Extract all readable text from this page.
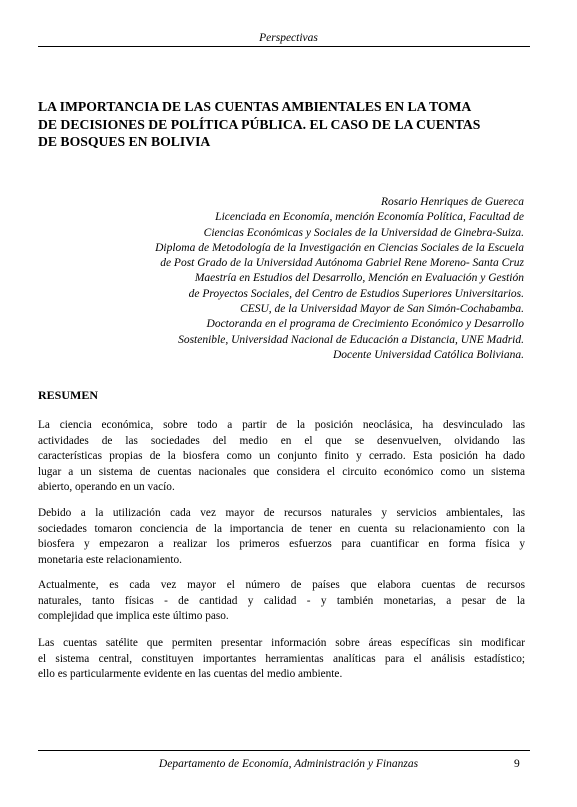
Perspectivas
LA IMPORTANCIA DE LAS CUENTAS AMBIENTALES EN LA TOMA
DE DECISIONES DE POLÍTICA PÚBLICA. EL CASO DE LA CUENTAS
DE BOSQUES EN BOLIVIA
Rosario Henriques de Guereca
Licenciada en Economía, mención Economía Política, Facultad de
Ciencias Económicas y Sociales de la Universidad de Ginebra-Suiza.
Diploma de Metodología de la Investigación en Ciencias Sociales de la Escuela
de Post Grado de la Universidad Autónoma Gabriel Rene Moreno- Santa Cruz
Maestría en Estudios del Desarrollo, Mención en Evaluación y Gestión
de Proyectos Sociales, del Centro de Estudios Superiores Universitarios.
CESU, de la Universidad Mayor de San Simón-Cochabamba.
Doctoranda en el programa de Crecimiento Económico y Desarrollo
Sostenible, Universidad Nacional de Educación a Distancia, UNE Madrid.
Docente Universidad Católica Boliviana.
RESUMEN
La ciencia económica, sobre todo a partir de la posición neoclásica, ha desvinculado las
actividades de las sociedades del medio en el que se desenvuelven, olvidando las
características propias de la biosfera como un conjunto finito y cerrado. Esta posición ha dado
lugar a un sistema de cuentas nacionales que considera el circuito económico como un sistema
abierto, operando en un vacío.
Debido a la utilización cada vez mayor de recursos naturales y servicios ambientales, las
sociedades tomaron conciencia de la importancia de tener en cuenta su relacionamiento con la
biosfera y empezaron a realizar los primeros esfuerzos para cuantificar en forma física y
monetaria este relacionamiento.
Actualmente, es cada vez mayor el número de países que elabora cuentas de recursos
naturales, tanto físicas - de cantidad y calidad - y también monetarias, a pesar de la
complejidad que implica este último paso.
Las cuentas satélite que permiten presentar información sobre áreas específicas sin modificar
el sistema central, constituyen importantes herramientas analíticas para el análisis estadístico;
ello es particularmente evidente en las cuentas del medio ambiente.
Departamento de Economía, Administración y Finanzas	9
